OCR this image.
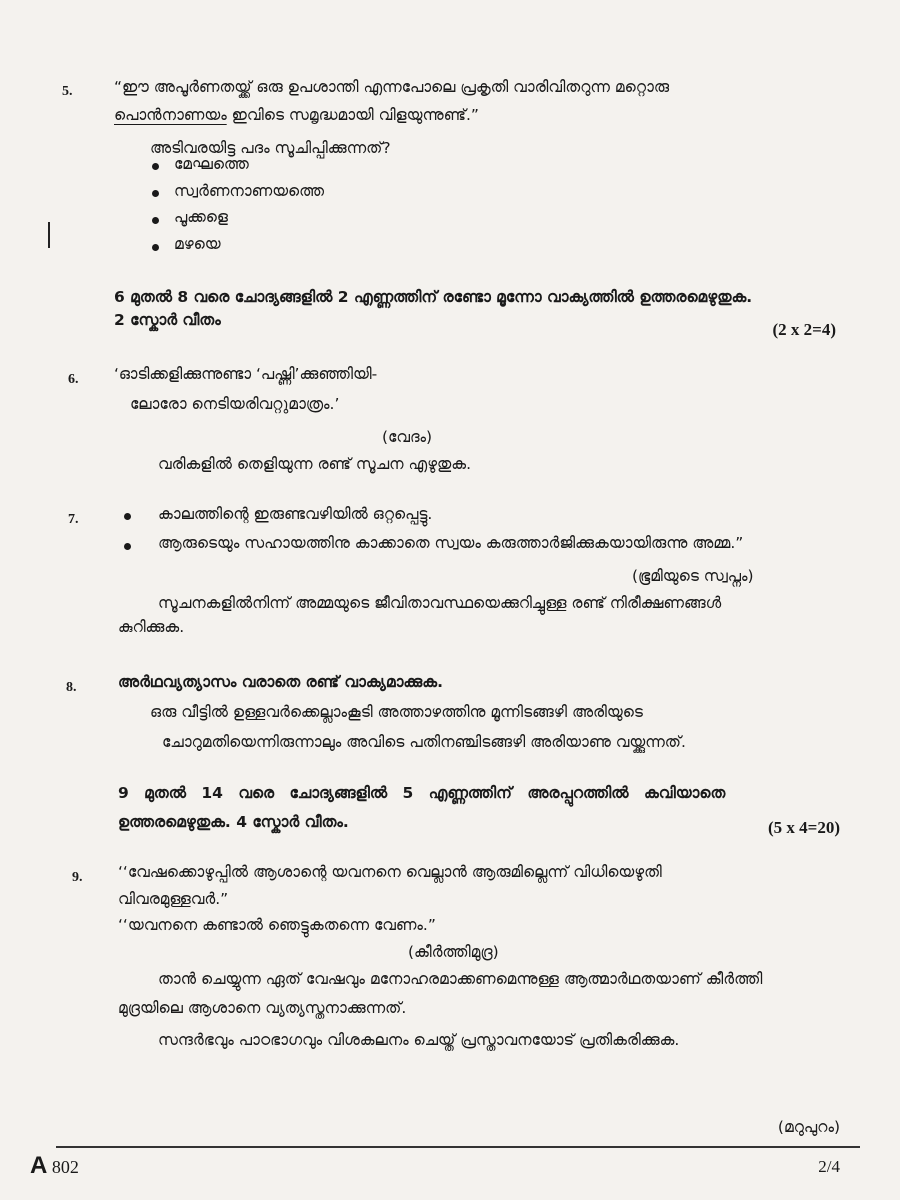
5.	“ഈ അപൂർണതയ്ക്ക് ഒരു ഉപശാന്തി എന്നപോലെ പ്രകൃതി വാരിവിതറുന്ന മറ്റൊരു
പൊൻനാണയം ഇവിടെ സമൃദ്ധമായി വിളയുന്നുണ്ട്.”
അടിവരയിട്ട പദം സൂചിപ്പിക്കുന്നത്?
മേഘത്തെ
സ്വർണനാണയത്തെ
പൂക്കളെ
മഴയെ
6 മുതൽ 8 വരെ ചോദ്യങ്ങളിൽ 2 എണ്ണത്തിന് രണ്ടോ മൂന്നോ വാക്യത്തിൽ ഉത്തരമെഴുതുക.
2 സ്കോർ വീതം	(2 x 2=4)
6. ‘ഓടിക്കളിക്കുന്നുണ്ടാ ‘പഷ്ണി’ക്കുഞ്ഞിയി-
ലോരോ നെടിയരിവറ്റുമാത്രം.’
(വേദം)
വരികളിൽ തെളിയുന്ന രണ്ട് സൂചന എഴുതുക.
7.	കാലത്തിന്റെ ഇരുണ്ടവഴിയിൽ ഒറ്റപ്പെട്ടു.
ആരുടെയും സഹായത്തിനു കാക്കാതെ സ്വയം കരുത്താർജിക്കുകയായിരുന്നു അമ്മ.”
(ഭൂമിയുടെ സ്വപ്നം)
സൂചനകളിൽനിന്ന് അമ്മയുടെ ജീവിതാവസ്ഥയെക്കുറിച്ചുള്ള രണ്ട് നിരീക്ഷണങ്ങൾ
കുറിക്കുക.
8.	അർഥവ്യത്യാസം വരാതെ രണ്ട് വാക്യമാക്കുക.
ഒരു വീട്ടിൽ ഉള്ളവർക്കെല്ലാംകൂടി അത്താഴത്തിനു മൂന്നിടങ്ങഴി അരിയുടെ
ചോറുമതിയെന്നിരുന്നാലും അവിടെ പതിനഞ്ചിടങ്ങഴി അരിയാണു വയ്ക്കുന്നത്.
9 മുതൽ 14 വരെ ചോദ്യങ്ങളിൽ 5 എണ്ണത്തിന് അരപ്പുറത്തിൽ കവിയാതെ
ഉത്തരമെഴുതുക. 4 സ്കോർ വീതം.	(5 x 4=20)
9. ‘‘വേഷക്കൊഴുപ്പിൽ ആശാന്റെ യവനനെ വെല്ലാൻ ആരുമില്ലെന്ന് വിധിയെഴുതി
വിവരമുള്ളവർ.”
‘‘യവനനെ കണ്ടാൽ ഞെട്ടുകതന്നെ വേണം.”
(കീർത്തിമുദ്ര)
താൻ ചെയ്യുന്ന ഏത് വേഷവും മനോഹരമാക്കണമെന്നുള്ള ആത്മാർഥതയാണ് കീർത്തി
മുദ്രയിലെ ആശാനെ വ്യത്യസ്തനാക്കുന്നത്.
സന്ദർഭവും പാഠഭാഗവും വിശകലനം ചെയ്ത് പ്രസ്താവനയോട് പ്രതികരിക്കുക.
(മറുപുറം)
A 802	2/4
